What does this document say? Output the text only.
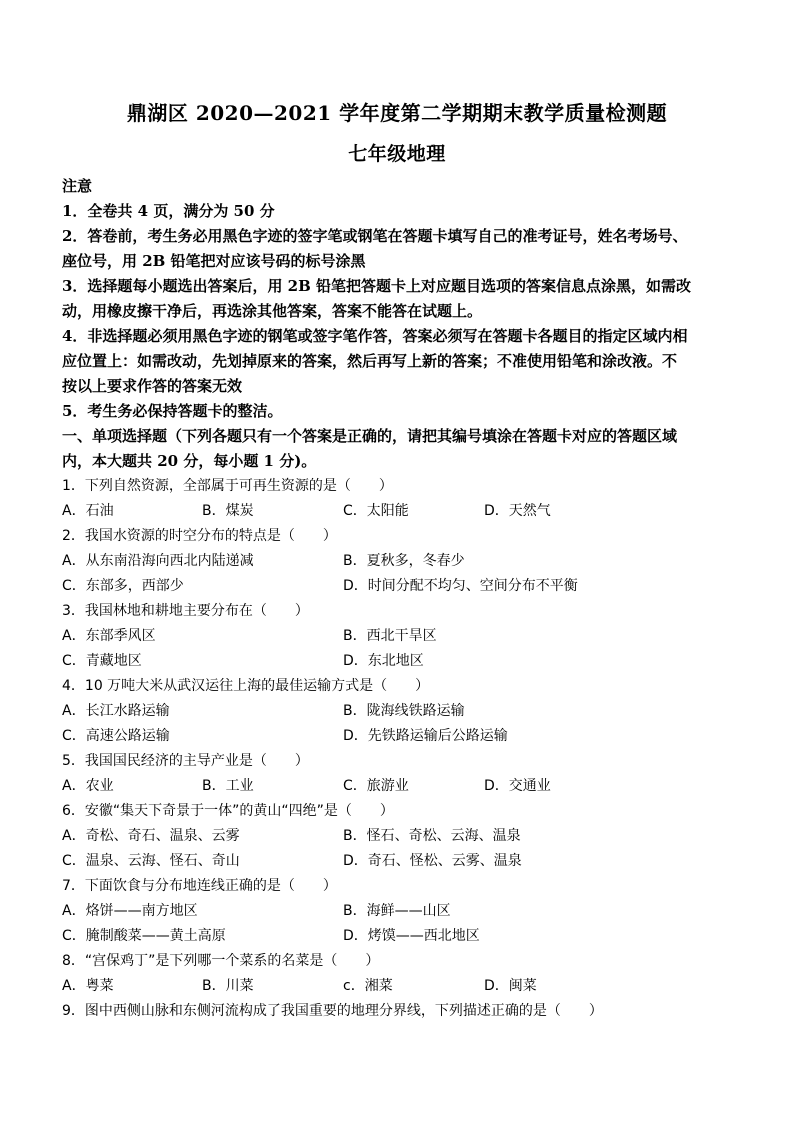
鼎湖区 2020—2021 学年度第二学期期末教学质量检测题
七年级地理
注意
1．全卷共 4 页，满分为 50 分
2．答卷前，考生务必用黑色字迹的签字笔或钢笔在答题卡填写自己的准考证号，姓名考场号、
座位号，用 2B 铅笔把对应该号码的标号涂黑
3．选择题每小题选出答案后，用 2B 铅笔把答题卡上对应题目选项的答案信息点涂黑，如需改
动，用橡皮擦干净后，再选涂其他答案，答案不能答在试题上。
4．非选择题必须用黑色字迹的钢笔或签字笔作答，答案必须写在答题卡各题目的指定区域内相
应位置上：如需改动，先划掉原来的答案，然后再写上新的答案；不准使用铅笔和涂改液。不
按以上要求作答的答案无效
5．考生务必保持答题卡的整洁。
一、单项选择题（下列各题只有一个答案是正确的，请把其编号填涂在答题卡对应的答题区域
内，本大题共 20 分，每小题 1 分)。
1．下列自然资源，全部属于可再生资源的是（　　）
A．石油	B．煤炭	C．太阳能	D．天然气
2．我国水资源的时空分布的特点是（　　）
A．从东南沿海向西北内陆递减	B．夏秋多，冬春少
C．东部多，西部少	D．时间分配不均匀、空间分布不平衡
3．我国林地和耕地主要分布在（　　）
A．东部季风区	B．西北干旱区
C．青藏地区	D．东北地区
4．10 万吨大米从武汉运往上海的最佳运输方式是（　　）
A．长江水路运输	B．陇海线铁路运输
C．高速公路运输	D．先铁路运输后公路运输
5．我国国民经济的主导产业是（　　）
A．农业	B．工业	C．旅游业	D．交通业
6．安徽“集天下奇景于一体”的黄山“四绝”是（　　）
A．奇松、奇石、温泉、云雾	B．怪石、奇松、云海、温泉
C．温泉、云海、怪石、奇山	D．奇石、怪松、云雾、温泉
7．下面饮食与分布地连线正确的是（　　）
A．烙饼——南方地区	B．海鲜——山区
C．腌制酸菜——黄土高原	D．烤馍——西北地区
8．“宫保鸡丁”是下列哪一个菜系的名菜是（　　）
A．粤菜	B．川菜	c．湘菜	D．闽菜
9．图中西侧山脉和东侧河流构成了我国重要的地理分界线，下列描述正确的是（　　）
